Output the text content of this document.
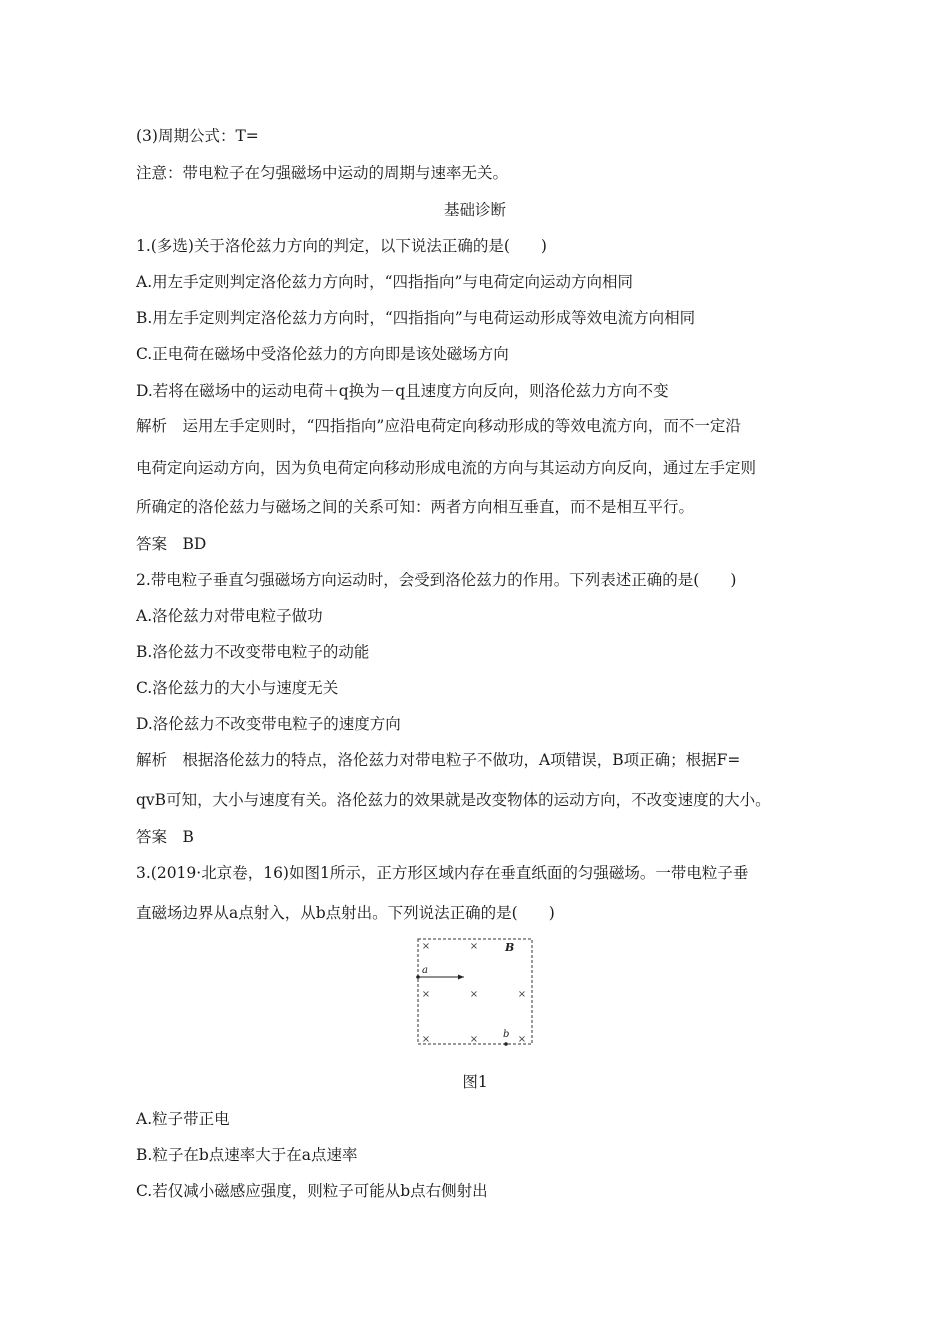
(3)周期公式：T=
注意：带电粒子在匀强磁场中运动的周期与速率无关。
基础诊断
1.(多选)关于洛伦兹力方向的判定，以下说法正确的是(　　)
A.用左手定则判定洛伦兹力方向时，“四指指向”与电荷定向运动方向相同
B.用左手定则判定洛伦兹力方向时，“四指指向”与电荷运动形成等效电流方向相同
C.正电荷在磁场中受洛伦兹力的方向即是该处磁场方向
D.若将在磁场中的运动电荷＋q换为－q且速度方向反向，则洛伦兹力方向不变
解析　运用左手定则时，“四指指向”应沿电荷定向移动形成的等效电流方向，而不一定沿
电荷定向运动方向，因为负电荷定向移动形成电流的方向与其运动方向反向，通过左手定则
所确定的洛伦兹力与磁场之间的关系可知：两者方向相互垂直，而不是相互平行。
答案　BD
2.带电粒子垂直匀强磁场方向运动时，会受到洛伦兹力的作用。下列表述正确的是(　　)
A.洛伦兹力对带电粒子做功
B.洛伦兹力不改变带电粒子的动能
C.洛伦兹力的大小与速度无关
D.洛伦兹力不改变带电粒子的速度方向
解析　根据洛伦兹力的特点，洛伦兹力对带电粒子不做功，A项错误，B项正确；根据F=
qvB可知，大小与速度有关。洛伦兹力的效果就是改变物体的运动方向，不改变速度的大小。
答案　B
3.(2019·北京卷，16)如图1所示，正方形区域内存在垂直纸面的匀强磁场。一带电粒子垂
直磁场边界从a点射入，从b点射出。下列说法正确的是(　　)
×	×
×	×	×
×	×	×
B
a
b
图1
A.粒子带正电
B.粒子在b点速率大于在a点速率
C.若仅减小磁感应强度，则粒子可能从b点右侧射出
